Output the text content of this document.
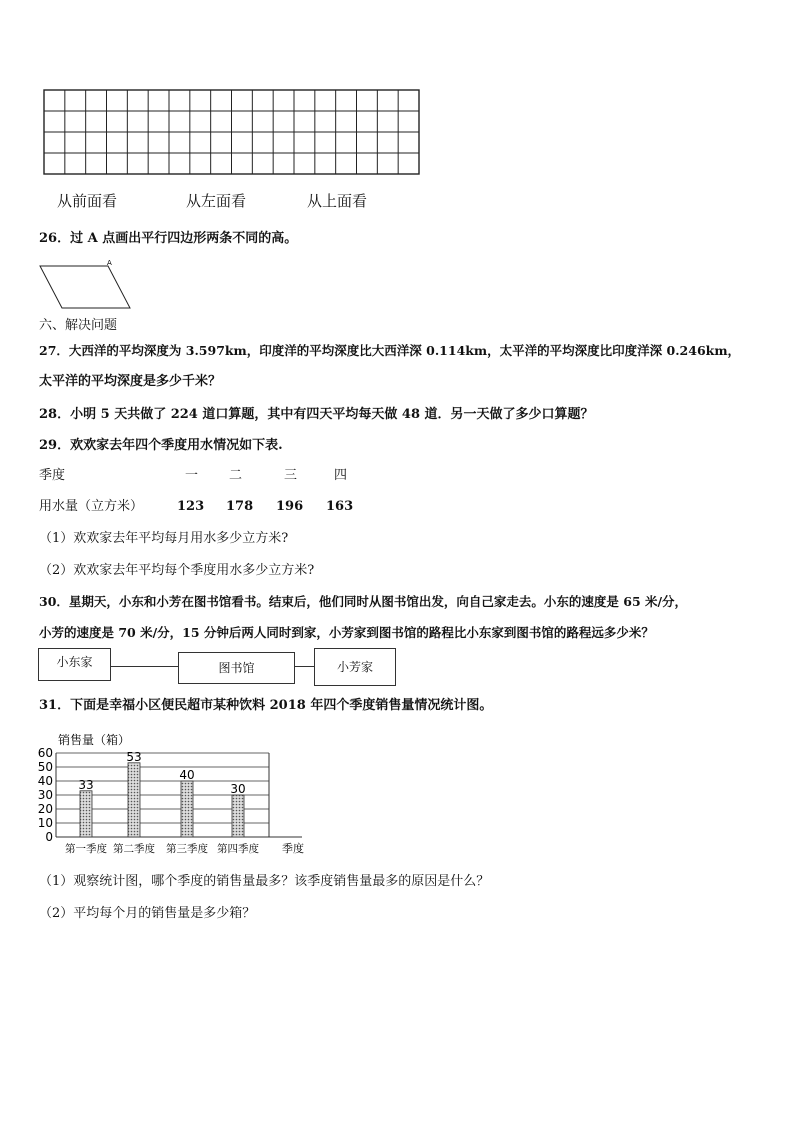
从前面看	从左面看	从上面看
26．过 A 点画出平行四边形两条不同的高。
A
六、解决问题
27．大西洋的平均深度为 3.597km，印度洋的平均深度比大西洋深 0.114km，太平洋的平均深度比印度洋深 0.246km，
太平洋的平均深度是多少千米？
28．小明 5 天共做了 224 道口算题，其中有四天平均每天做 48 道．另一天做了多少口算题？
29．欢欢家去年四个季度用水情况如下表.
季度	一 二	三	四
用水量（立方米）	123 178 196 163
（1）欢欢家去年平均每月用水多少立方米?
（2）欢欢家去年平均每个季度用水多少立方米?
30．星期天，小东和小芳在图书馆看书。结束后，他们同时从图书馆出发，向自己家走去。小东的速度是 65 米/分，
小芳的速度是 70 米/分，15 分钟后两人同时到家，小芳家到图书馆的路程比小东家到图书馆的路程远多少米？
小东家	图书馆	小芳家
31．下面是幸福小区便民超市某种饮料 2018 年四个季度销售量情况统计图。
销售量（箱）
季度
33
53
40
30
0
10
20
30
40
50
60
第一季度 第二季度 第三季度 第四季度
（1）观察统计图，哪个季度的销售量最多？该季度销售量最多的原因是什么？
（2）平均每个月的销售量是多少箱？
